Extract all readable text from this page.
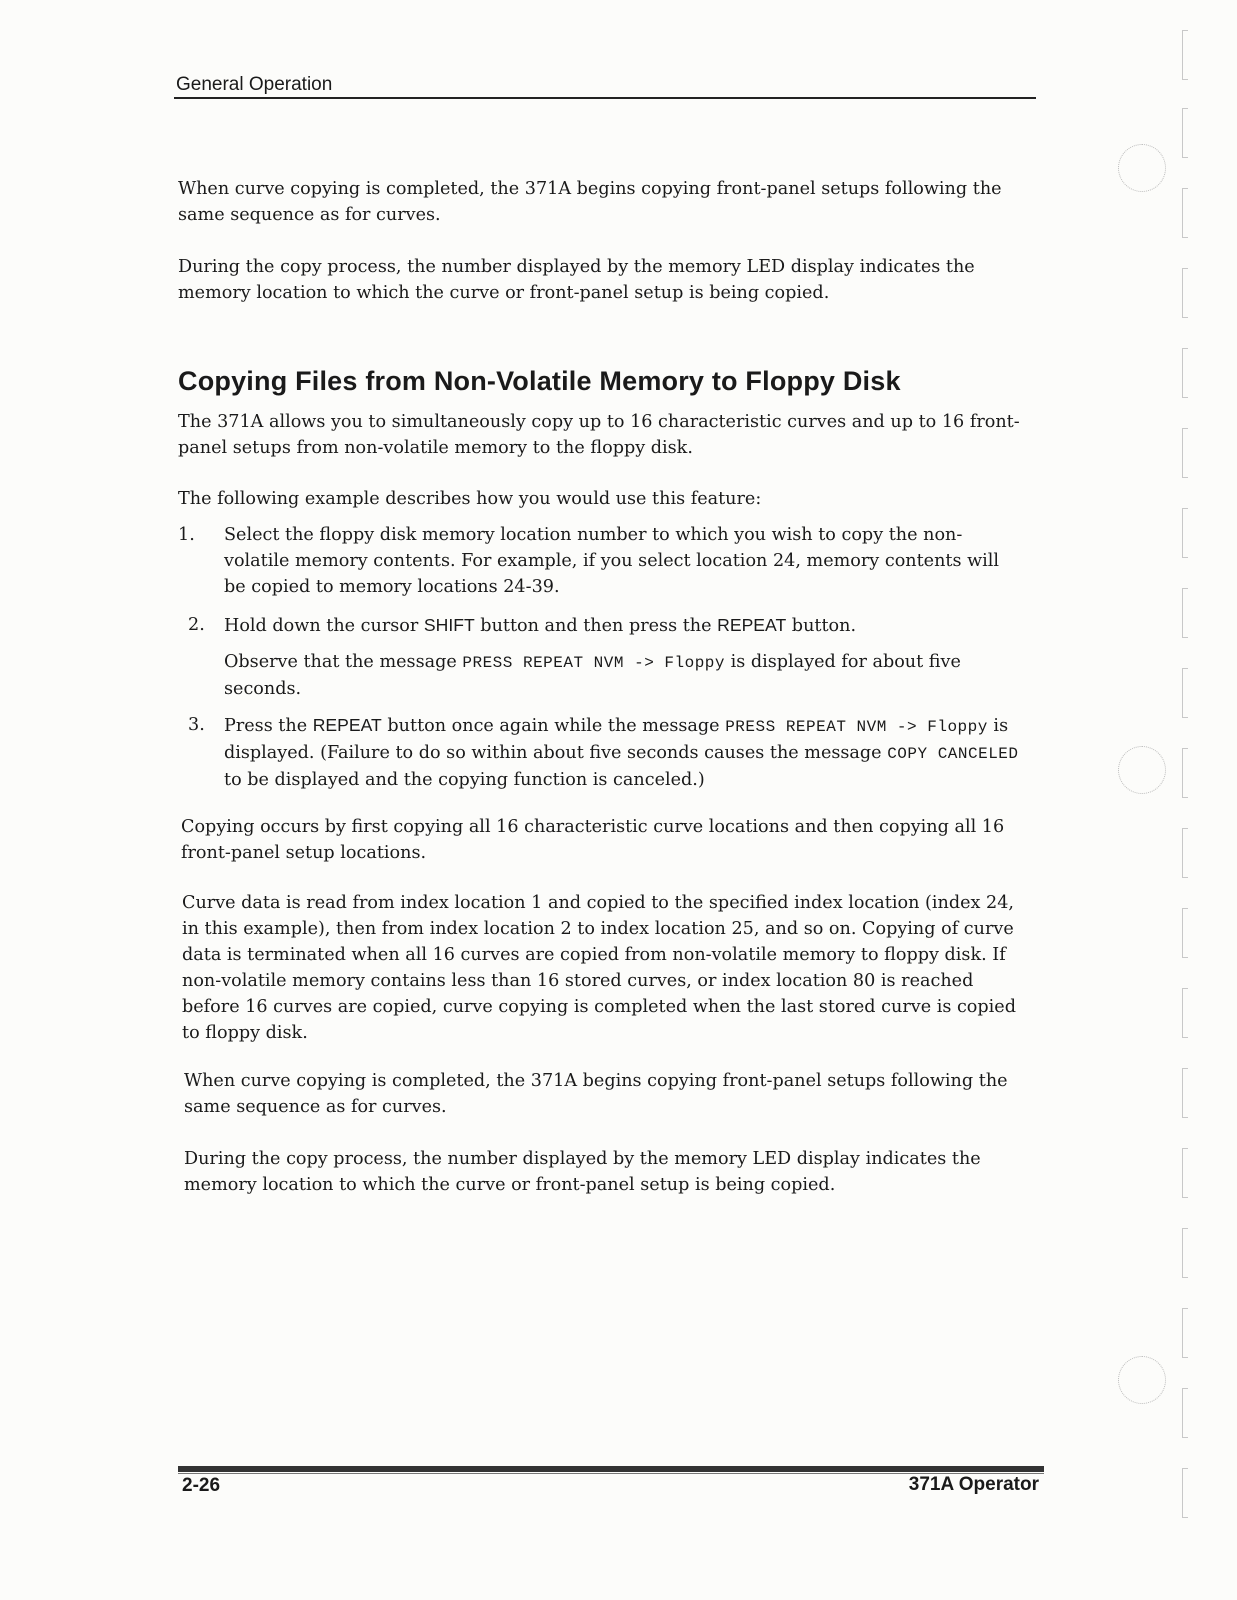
General Operation

When curve copying is completed, the 371A begins copying front-panel setups following the same sequence as for curves.

During the copy process, the number displayed by the memory LED display indicates the memory location to which the curve or front-panel setup is being copied.

Copying Files from Non-Volatile Memory to Floppy Disk

The 371A allows you to simultaneously copy up to 16 characteristic curves and up to 16 front-panel setups from non-volatile memory to the floppy disk.

The following example describes how you would use this feature:

1. Select the floppy disk memory location number to which you wish to copy the non-volatile memory contents. For example, if you select location 24, memory contents will be copied to memory locations 24-39.
2. Hold down the cursor SHIFT button and then press the REPEAT button.
Observe that the message PRESS REPEAT NVM -> Floppy is displayed for about five seconds.
3. Press the REPEAT button once again while the message PRESS REPEAT NVM -> Floppy is displayed. (Failure to do so within about five seconds causes the message COPY CANCELED to be displayed and the copying function is canceled.)

Copying occurs by first copying all 16 characteristic curve locations and then copying all 16 front-panel setup locations.

Curve data is read from index location 1 and copied to the specified index location (index 24, in this example), then from index location 2 to index location 25, and so on. Copying of curve data is terminated when all 16 curves are copied from non-volatile memory to floppy disk. If non-volatile memory contains less than 16 stored curves, or index location 80 is reached before 16 curves are copied, curve copying is completed when the last stored curve is copied to floppy disk.

When curve copying is completed, the 371A begins copying front-panel setups following the same sequence as for curves.

During the copy process, the number displayed by the memory LED display indicates the memory location to which the curve or front-panel setup is being copied.

2-26	371A Operator
